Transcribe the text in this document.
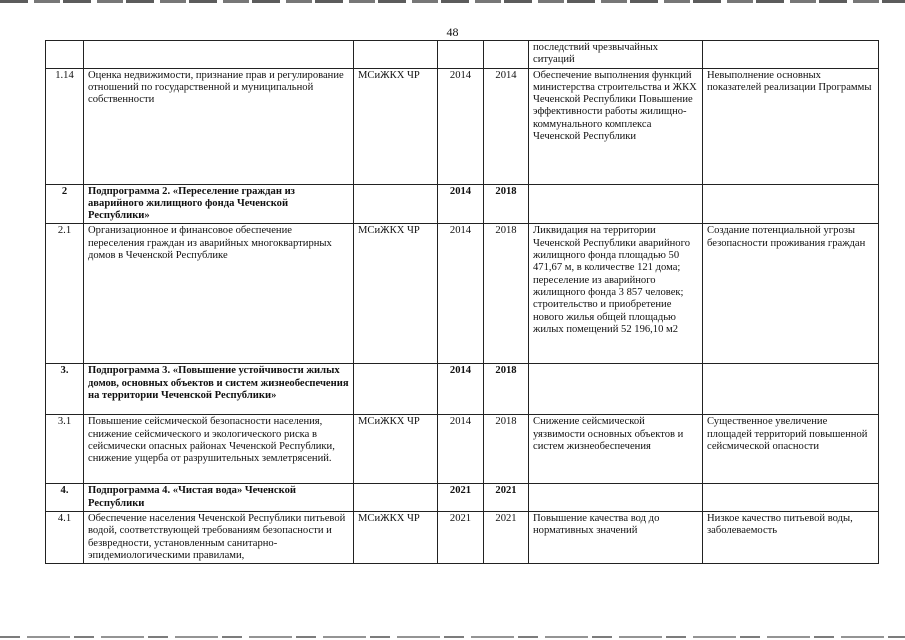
48
					последствий чрезвычайных ситуаций	
1.14	Оценка недвижимости, признание прав и регулирование отношений по государственной и муниципальной собственности	МСиЖКХ ЧР	2014	2014	Обеспечение выполнения функций министерства строительства и ЖКХ Чеченской Республики Повышение эффективности работы жилищно-коммунального комплекса Чеченской Республики	Невыполнение основных показателей реализации Программы
2	Подпрограмма 2. «Переселение граждан из аварийного жилищного фонда Чеченской Республики»		2014	2018		
2.1	Организационное и финансовое обеспечение переселения граждан из аварийных многоквартирных домов в Чеченской Республике	МСиЖКХ ЧР	2014	2018	Ликвидация на территории Чеченской Республики аварийного жилищного фонда площадью 50 471,67 м, в количестве 121 дома; переселение из аварийного жилищного фонда 3 857 человек; строительство и приобретение нового жилья общей площадью жилых помещений 52 196,10 м2	Создание потенциальной угрозы безопасности проживания граждан
3.	Подпрограмма 3. «Повышение устойчивости жилых домов, основных объектов и систем жизнеобеспечения на территории Чеченской Республики»		2014	2018		
3.1	Повышение сейсмической безопасности населения, снижение сейсмического и экологического риска в сейсмически опасных районах Чеченской Республики, снижение ущерба от разрушительных землетрясений.	МСиЖКХ ЧР	2014	2018	Снижение сейсмической уязвимости основных объектов и систем жизнеобеспечения	Существенное увеличение площадей территорий повышенной сейсмической опасности
4.	Подпрограмма 4. «Чистая вода» Чеченской Республики		2021	2021		
4.1	Обеспечение населения Чеченской Республики питьевой водой, соответствующей требованиям безопасности и безвредности, установленным санитарно-эпидемиологическими правилами,	МСиЖКХ ЧР	2021	2021	Повышение качества вод до нормативных значений	Низкое качество питьевой воды, заболеваемость
